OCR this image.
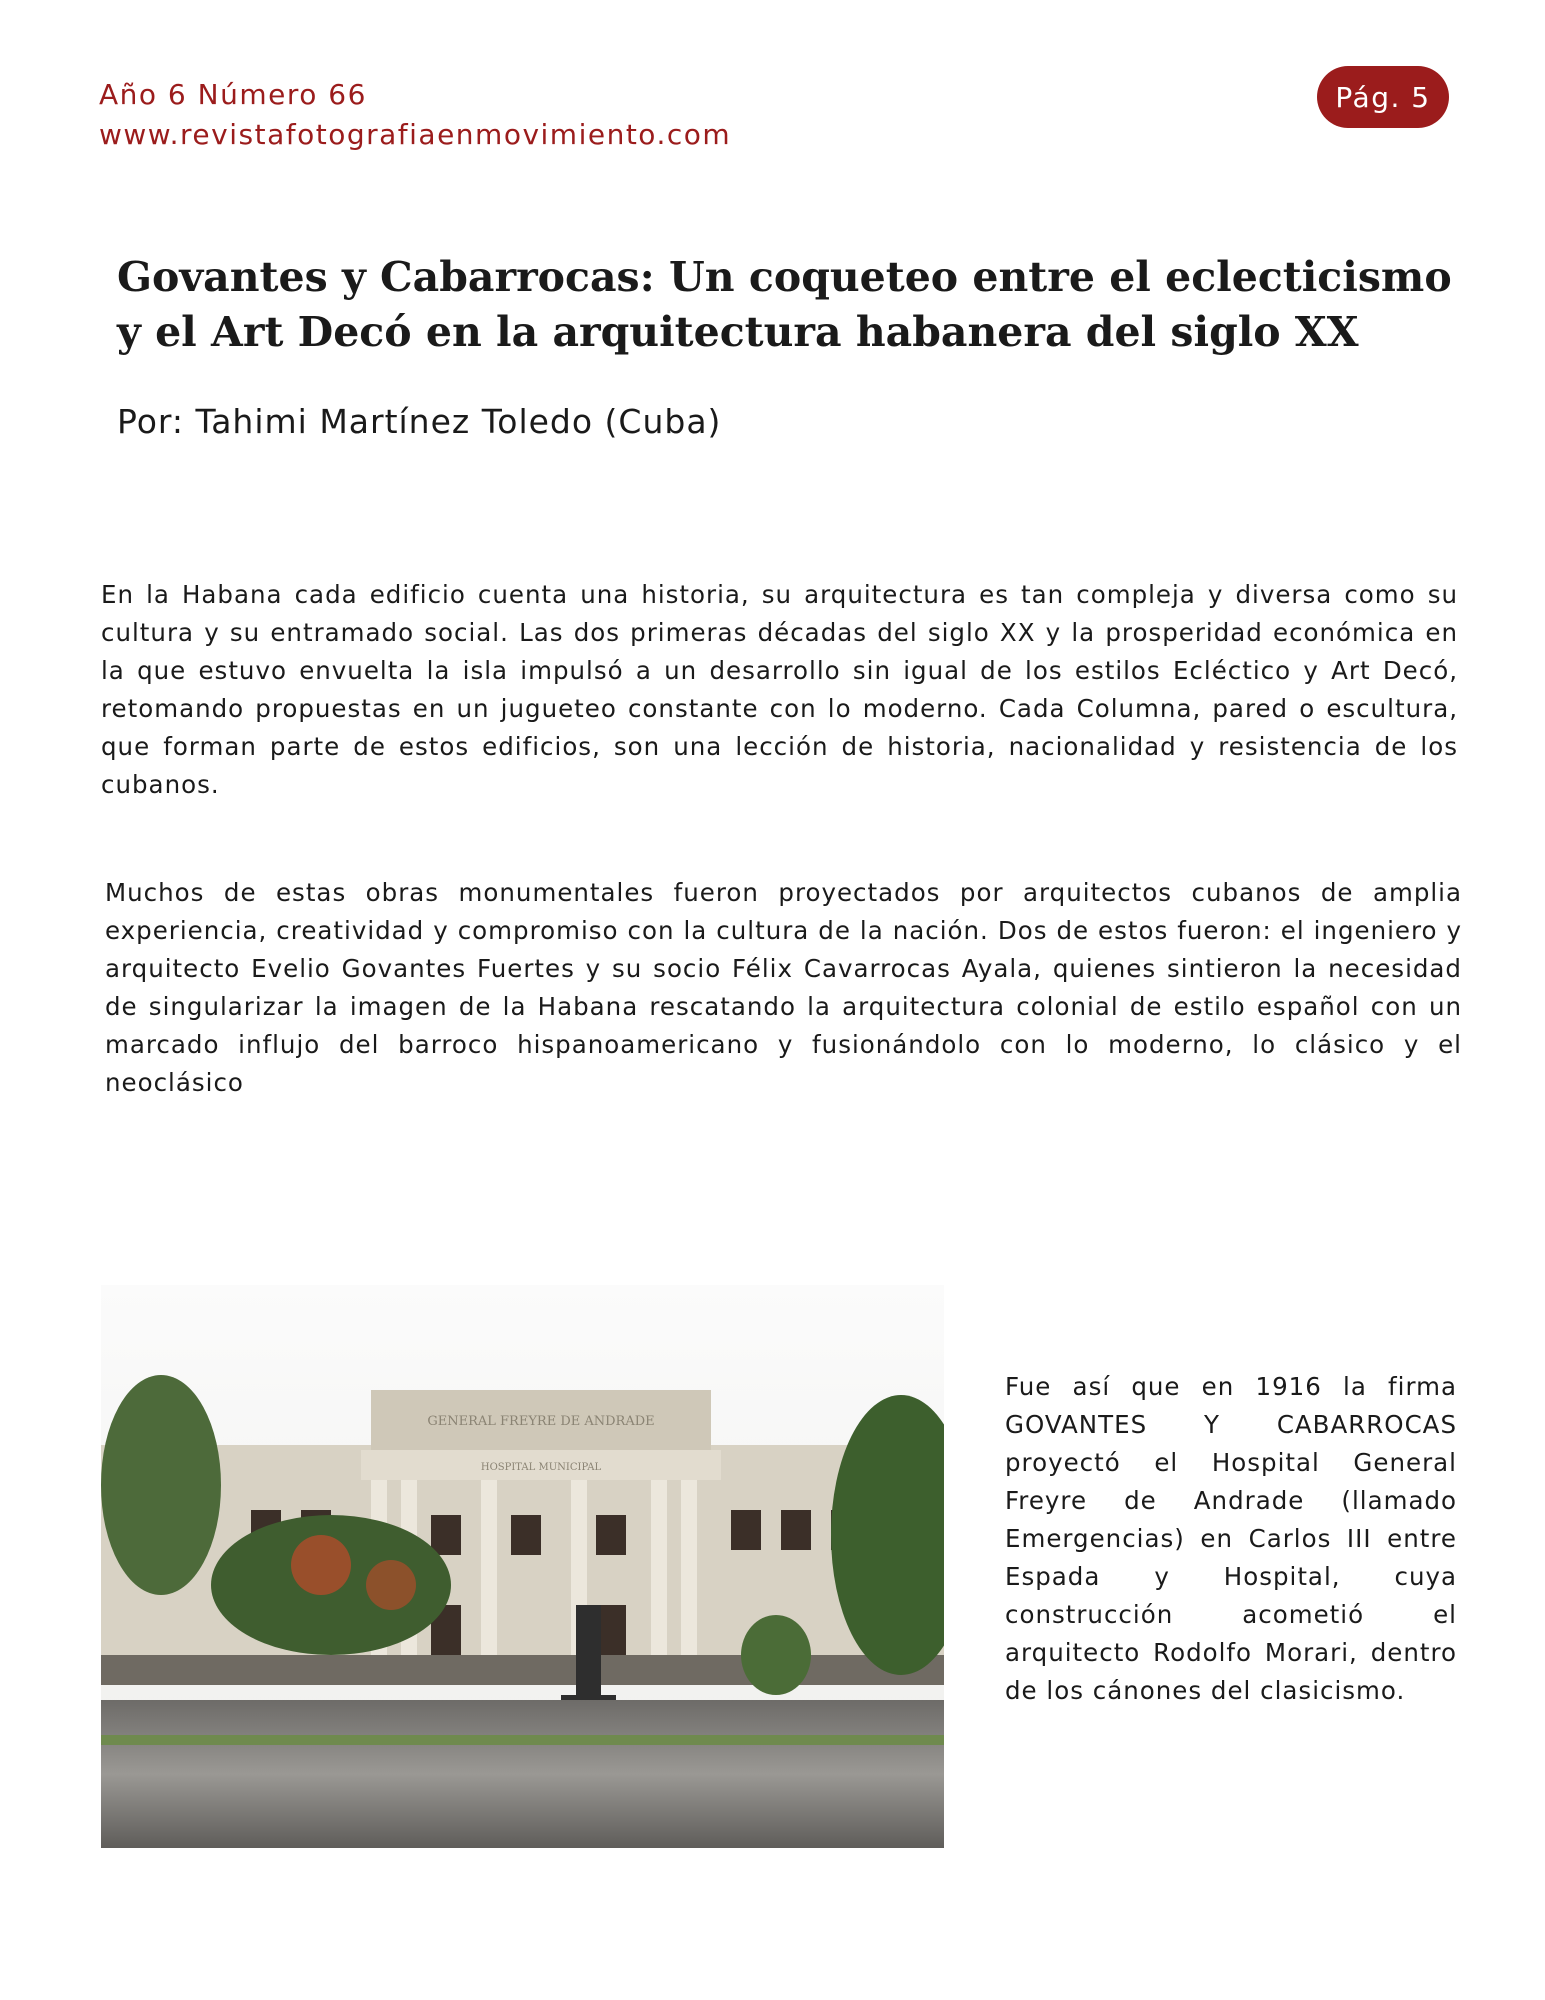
Año 6 Número 66
www.revistafotografiaenmovimiento.com
Pág. 5
Govantes y Cabarrocas: Un coqueteo entre el eclecticismo y el Art Decó en la arquitectura habanera del siglo XX
Por: Tahimi Martínez Toledo (Cuba)

En la Habana cada edificio cuenta una historia, su arquitectura es tan compleja y diversa como su cultura y su entramado social. Las dos primeras décadas del siglo XX y la prosperidad económica en la que estuvo envuelta la isla impulsó a un desarrollo sin igual de los estilos Ecléctico y Art Decó, retomando propuestas en un jugueteo constante con lo moderno. Cada Columna, pared o escultura, que forman parte de estos edificios, son una lección de historia, nacionalidad y resistencia de los cubanos.

Muchos de estas obras monumentales fueron proyectados por arquitectos cubanos de amplia experiencia, creatividad y compromiso con la cultura de la nación. Dos de estos fueron: el ingeniero y arquitecto Evelio Govantes Fuertes y su socio Félix Cavarrocas Ayala, quienes sintieron la necesidad de singularizar la imagen de la Habana rescatando la arquitectura colonial de estilo español con un marcado influjo del barroco hispanoamericano y fusionándolo con lo moderno, lo clásico y el neoclásico

GENERAL FREYRE DE ANDRADE
HOSPITAL MUNICIPAL

Fue así que en 1916 la firma GOVANTES Y CABARROCAS proyectó el Hospital General Freyre de Andrade (llamado Emergencias) en Carlos III entre Espada y Hospital, cuya construcción acometió el arquitecto Rodolfo Morari, dentro de los cánones del clasicismo.
